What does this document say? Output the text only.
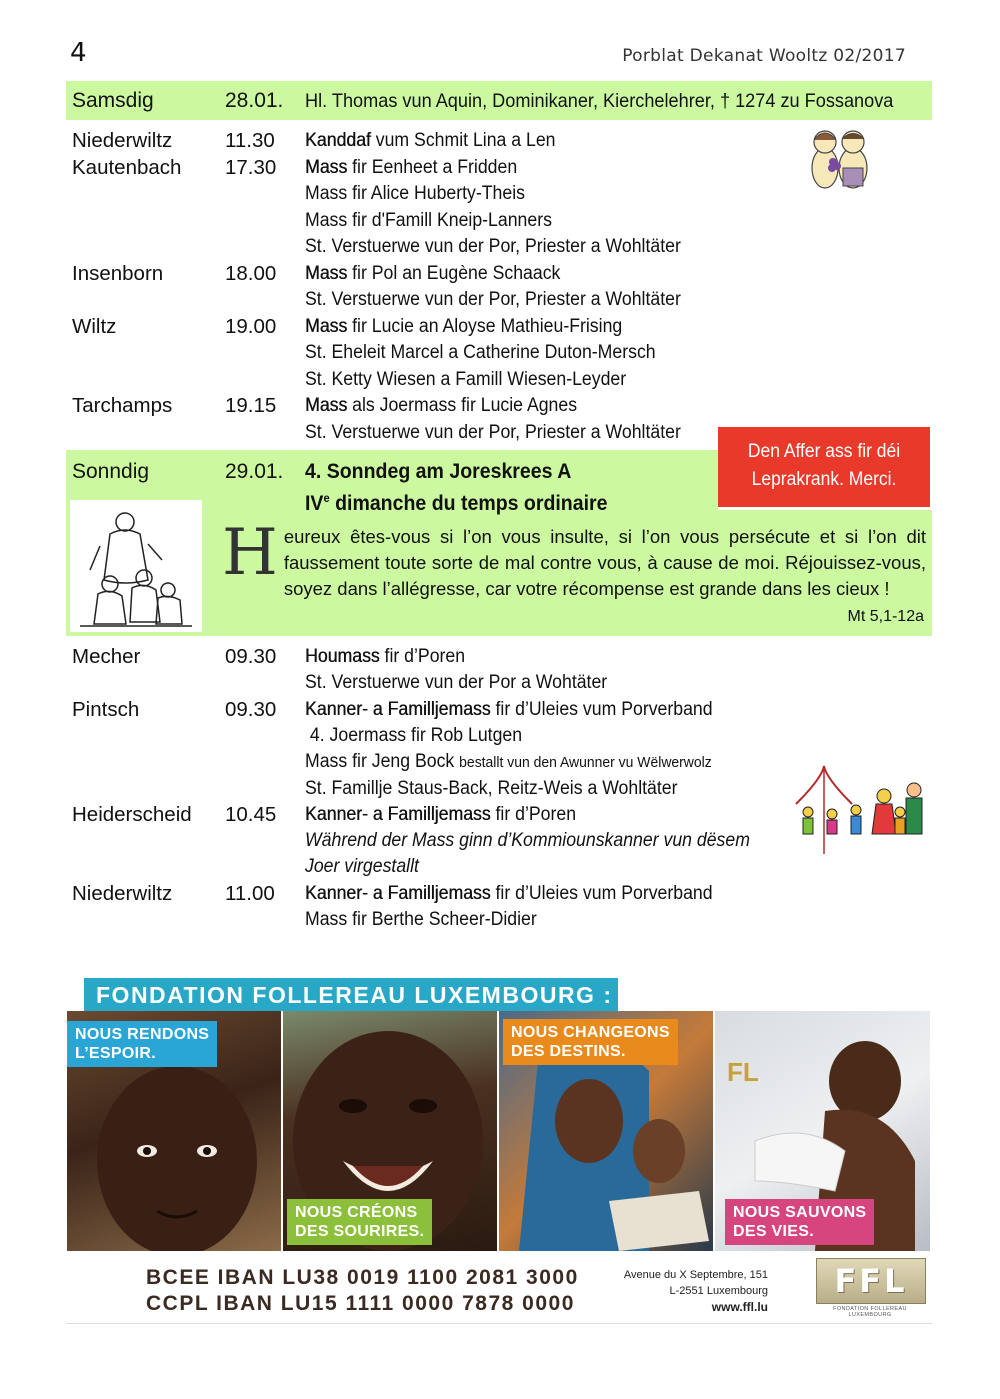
4	Porblat Dekanat Wooltz 02/2017
Samsdig	28.01. Hl. Thomas vun Aquin, Dominikaner, Kierchelehrer, † 1274 zu Fossanova
Niederwiltz	11.30 Kanddaf vum Schmit Lina a Len
Kautenbach 17.30 Mass fir Eenheet a Fridden
Mass fir Alice Huberty-Theis
Mass fir d'Famill Kneip-Lanners
St. Verstuerwe vun der Por, Priester a Wohltäter
Insenborn	18.00 Mass fir Pol an Eugène Schaack
St. Verstuerwe vun der Por, Priester a Wohltäter
Wiltz	19.00 Mass fir Lucie an Aloyse Mathieu-Frising
St. Eheleit Marcel a Catherine Duton-Mersch
St. Ketty Wiesen a Famill Wiesen-Leyder
Tarchamps	19.15 Mass als Joermass fir Lucie Agnes
St. Verstuerwe vun der Por, Priester a Wohltäter
Den Affer ass fir déi
Leprakrank. Merci.
Sonndig	29.01. 4. Sonndeg am Joreskrees A
IVe dimanche du temps ordinaire
Heureux êtes-vous si l’on vous insulte, si l’on vous persécute et si l’on dit faussement toute sorte de mal contre vous, à cause de moi. Réjouissez-vous, soyez dans l’allégresse, car votre récompense est grande dans les cieux !
Mt 5,1-12a
Mecher	09.30 Houmass fir d’Poren
St. Verstuerwe vun der Por a Wohtäter
Pintsch	09.30 Kanner- a Familljemass fir d’Uleies vum Porverband
4. Joermass fir Rob Lutgen
Mass fir Jeng Bock bestallt vun den Awunner vu Wëlwerwolz
St. Famillje Staus-Back, Reitz-Weis a Wohltäter
Heiderscheid 10.45 Kanner- a Familljemass fir d’Poren
Während der Mass ginn d’Kommiounskanner vun dësem
Joer virgestallt
Niederwiltz	11.00 Kanner- a Familljemass fir d’Uleies vum Porverband
Mass fir Berthe Scheer-Didier
FONDATION FOLLEREAU LUXEMBOURG :
NOUS RENDONS
L’ESPOIR.
NOUS CRÉONS
DES SOURIRES.
NOUS CHANGEONS
DES DESTINS.
FL
NOUS SAUVONS
DES VIES.
BCEE IBAN LU38 0019 1100 2081 3000
CCPL IBAN LU15 1111 0000 7878 0000
Avenue du X Septembre, 151
L-2551 Luxembourg
www.ffl.lu
FFL
FONDATION FOLLEREAU LUXEMBOURG
